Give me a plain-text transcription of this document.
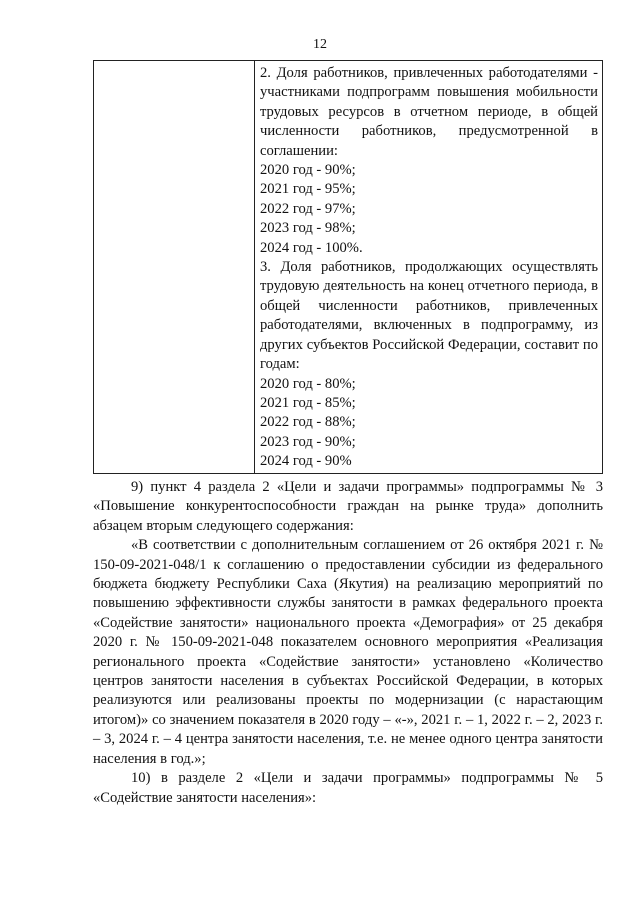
12
2. Доля работников, привлеченных работодателями - участниками подпрограмм повышения мобильности трудовых ресурсов в отчетном периоде, в общей численности работников, предусмотренной в соглашении:
2020 год - 90%;
2021 год - 95%;
2022 год - 97%;
2023 год - 98%;
2024 год - 100%.
3. Доля работников, продолжающих осуществлять трудовую деятельность на конец отчетного периода, в общей численности работников, привлеченных работодателями, включенных в подпрограмму, из других субъектов Российской Федерации, составит по годам:
2020 год - 80%;
2021 год - 85%;
2022 год - 88%;
2023 год - 90%;
2024 год - 90%

9) пункт 4 раздела 2 «Цели и задачи программы» подпрограммы № 3 «Повышение конкурентоспособности граждан на рынке труда» дополнить абзацем вторым следующего содержания:

«В соответствии с дополнительным соглашением от 26 октября 2021 г. № 150-09-2021-048/1 к соглашению о предоставлении субсидии из федерального бюджета бюджету Республики Саха (Якутия) на реализацию мероприятий по повышению эффективности службы занятости в рамках федерального проекта «Содействие занятости» национального проекта «Демография» от 25 декабря 2020 г. № 150-09-2021-048 показателем основного мероприятия «Реализация регионального проекта «Содействие занятости» установлено «Количество центров занятости населения в субъектах Российской Федерации, в которых реализуются или реализованы проекты по модернизации (с нарастающим итогом)» со значением показателя в 2020 году – «-», 2021 г. – 1, 2022 г. – 2, 2023 г. – 3, 2024 г. – 4 центра занятости населения, т.е. не менее одного центра занятости населения в год.»;

10) в разделе 2 «Цели и задачи программы» подпрограммы № 5 «Содействие занятости населения»:
